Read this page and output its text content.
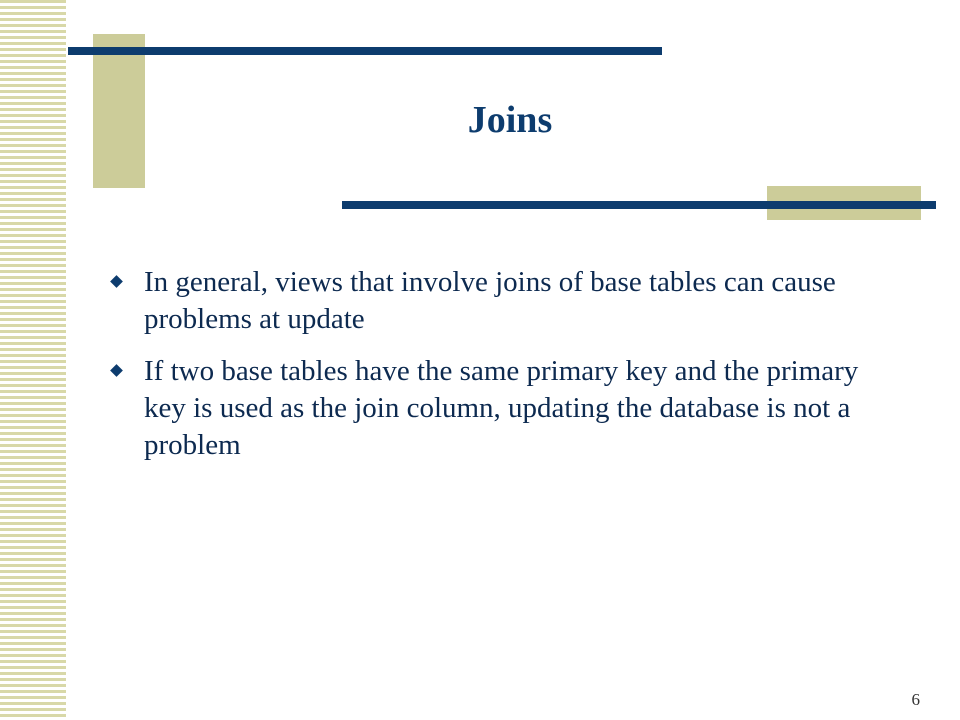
Joins
In general, views that involve joins of base tables can cause problems at update
If two base tables have the same primary key and the primary key is used as the join column, updating the database is not a problem
6
